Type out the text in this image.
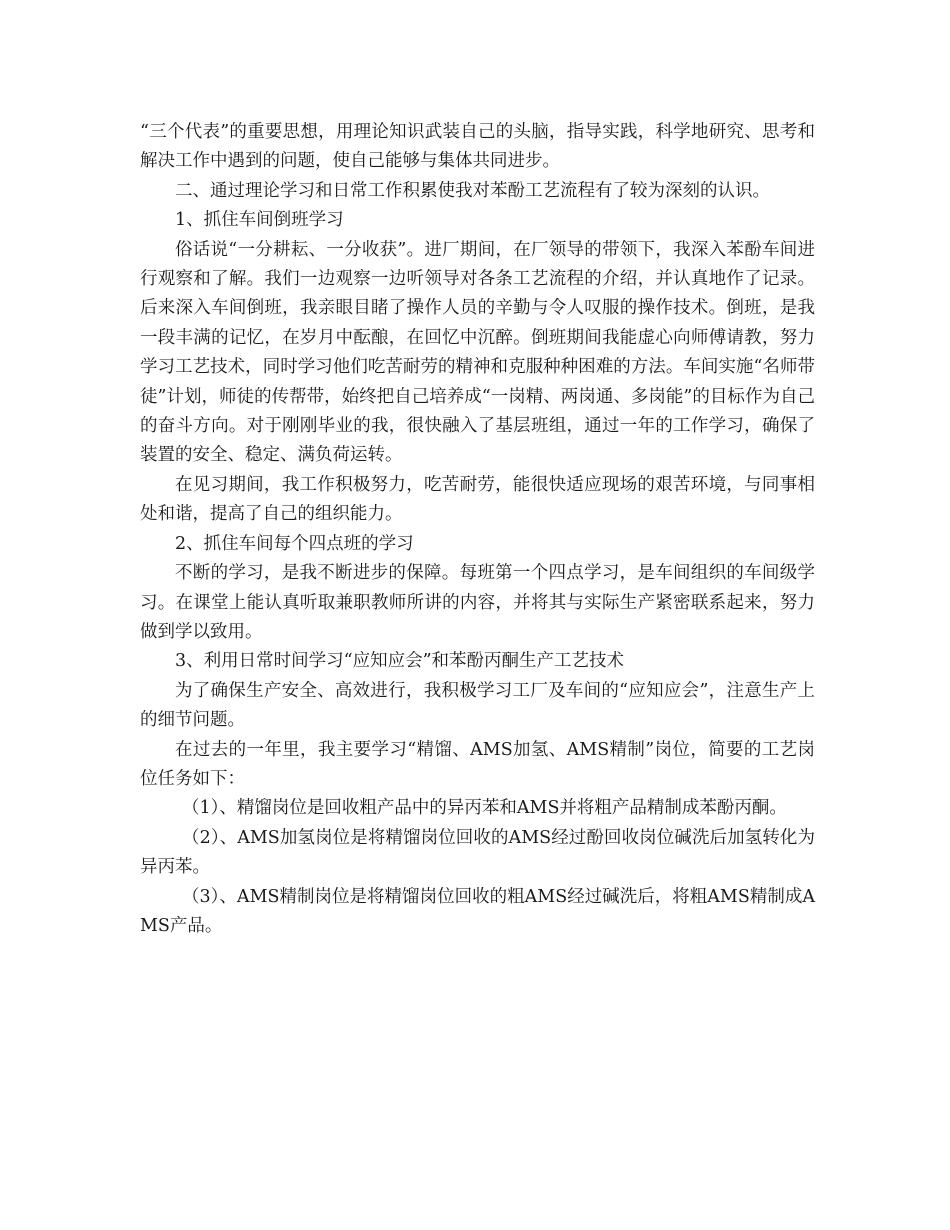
“三个代表”的重要思想，用理论知识武装自己的头脑，指导实践，科学地研究、思考和解决工作中遇到的问题，使自己能够与集体共同进步。

二、通过理论学习和日常工作积累使我对苯酚工艺流程有了较为深刻的认识。

1、抓住车间倒班学习

俗话说“一分耕耘、一分收获”。进厂期间，在厂领导的带领下，我深入苯酚车间进行观察和了解。我们一边观察一边听领导对各条工艺流程的介绍，并认真地作了记录。后来深入车间倒班，我亲眼目睹了操作人员的辛勤与令人叹服的操作技术。倒班，是我一段丰满的记忆，在岁月中酝酿，在回忆中沉醉。倒班期间我能虚心向师傅请教，努力学习工艺技术，同时学习他们吃苦耐劳的精神和克服种种困难的方法。车间实施“名师带徒”计划，师徒的传帮带，始终把自己培养成“一岗精、两岗通、多岗能”的目标作为自己的奋斗方向。对于刚刚毕业的我，很快融入了基层班组，通过一年的工作学习，确保了装置的安全、稳定、满负荷运转。

在见习期间，我工作积极努力，吃苦耐劳，能很快适应现场的艰苦环境，与同事相处和谐，提高了自己的组织能力。

2、抓住车间每个四点班的学习

不断的学习，是我不断进步的保障。每班第一个四点学习，是车间组织的车间级学习。在课堂上能认真听取兼职教师所讲的内容，并将其与实际生产紧密联系起来，努力做到学以致用。

3、利用日常时间学习“应知应会”和苯酚丙酮生产工艺技术

为了确保生产安全、高效进行，我积极学习工厂及车间的“应知应会”，注意生产上的细节问题。

在过去的一年里，我主要学习“精馏、AMS加氢、AMS精制”岗位，简要的工艺岗位任务如下：

（1）、精馏岗位是回收粗产品中的异丙苯和AMS并将粗产品精制成苯酚丙酮。

（2）、AMS加氢岗位是将精馏岗位回收的AMS经过酚回收岗位碱洗后加氢转化为异丙苯。

（3）、AMS精制岗位是将精馏岗位回收的粗AMS经过碱洗后，将粗AMS精制成AMS产品。
